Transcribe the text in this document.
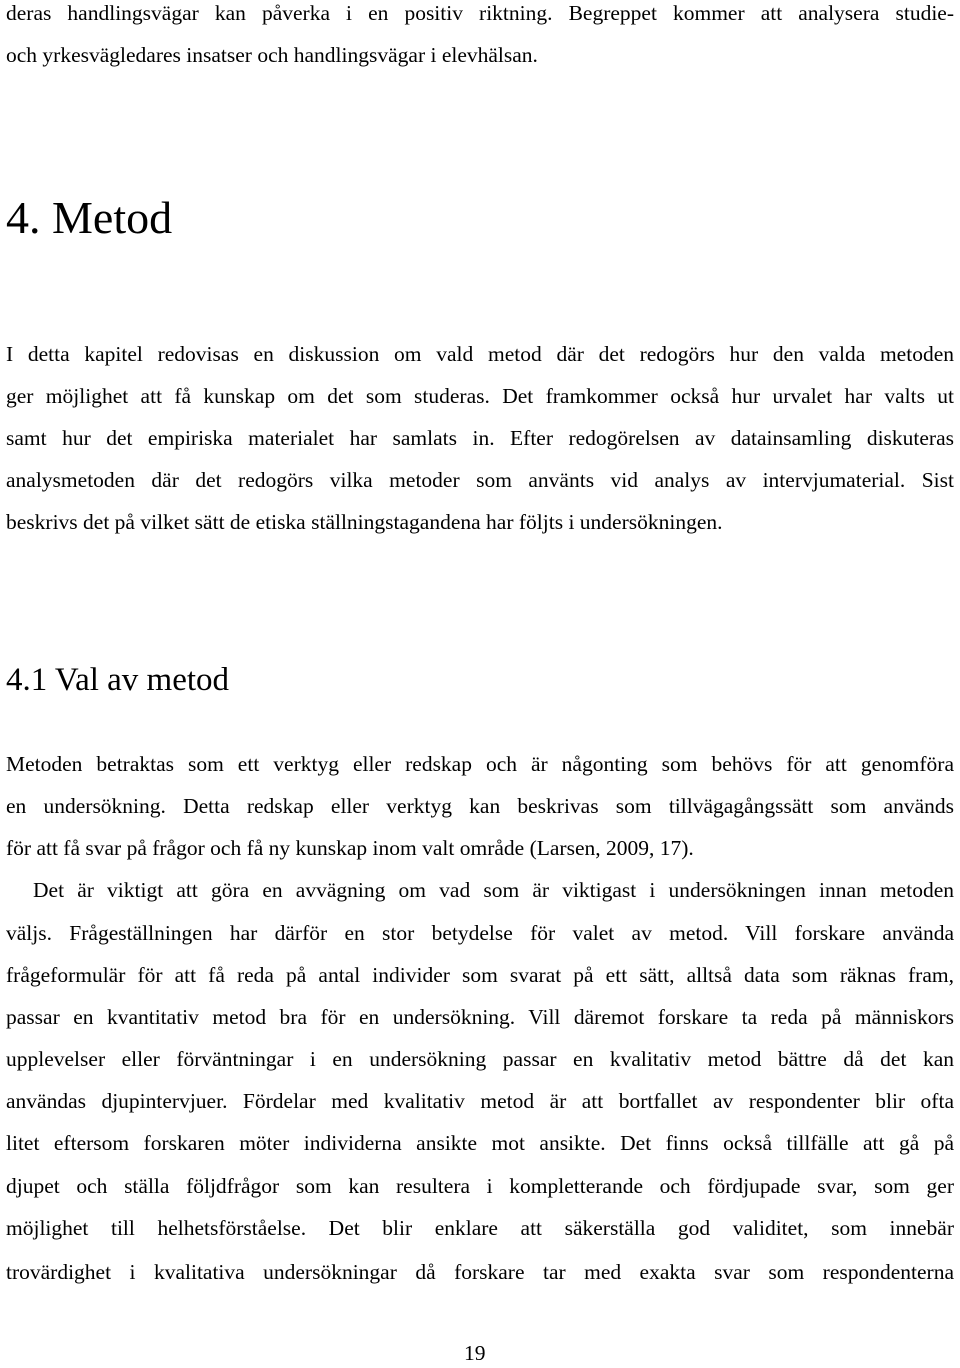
deras handlingsvägar kan påverka i en positiv riktning. Begreppet kommer att analysera studie-
och yrkesvägledares insatser och handlingsvägar i elevhälsan.
4. Metod
I detta kapitel redovisas en diskussion om vald metod där det redogörs hur den valda metoden
ger möjlighet att få kunskap om det som studeras. Det framkommer också hur urvalet har valts ut
samt hur det empiriska materialet har samlats in. Efter redogörelsen av datainsamling diskuteras
analysmetoden där det redogörs vilka metoder som använts vid analys av intervjumaterial. Sist
beskrivs det på vilket sätt de etiska ställningstagandena har följts i undersökningen.
4.1 Val av metod
Metoden betraktas som ett verktyg eller redskap och är någonting som behövs för att genomföra
en undersökning. Detta redskap eller verktyg kan beskrivas som tillvägagångssätt som används
för att få svar på frågor och få ny kunskap inom valt område (Larsen, 2009, 17).
Det är viktigt att göra en avvägning om vad som är viktigast i undersökningen innan metoden
väljs. Frågeställningen har därför en stor betydelse för valet av metod. Vill forskare använda
frågeformulär för att få reda på antal individer som svarat på ett sätt, alltså data som räknas fram,
passar en kvantitativ metod bra för en undersökning. Vill däremot forskare ta reda på människors
upplevelser eller förväntningar i en undersökning passar en kvalitativ metod bättre då det kan
användas djupintervjuer. Fördelar med kvalitativ metod är att bortfallet av respondenter blir ofta
litet eftersom forskaren möter individerna ansikte mot ansikte. Det finns också tillfälle att gå på
djupet och ställa följdfrågor som kan resultera i kompletterande och fördjupade svar, som ger
möjlighet till helhetsförståelse. Det blir enklare att säkerställa god validitet, som innebär
trovärdighet i kvalitativa undersökningar då forskare tar med exakta svar som respondenterna
19
